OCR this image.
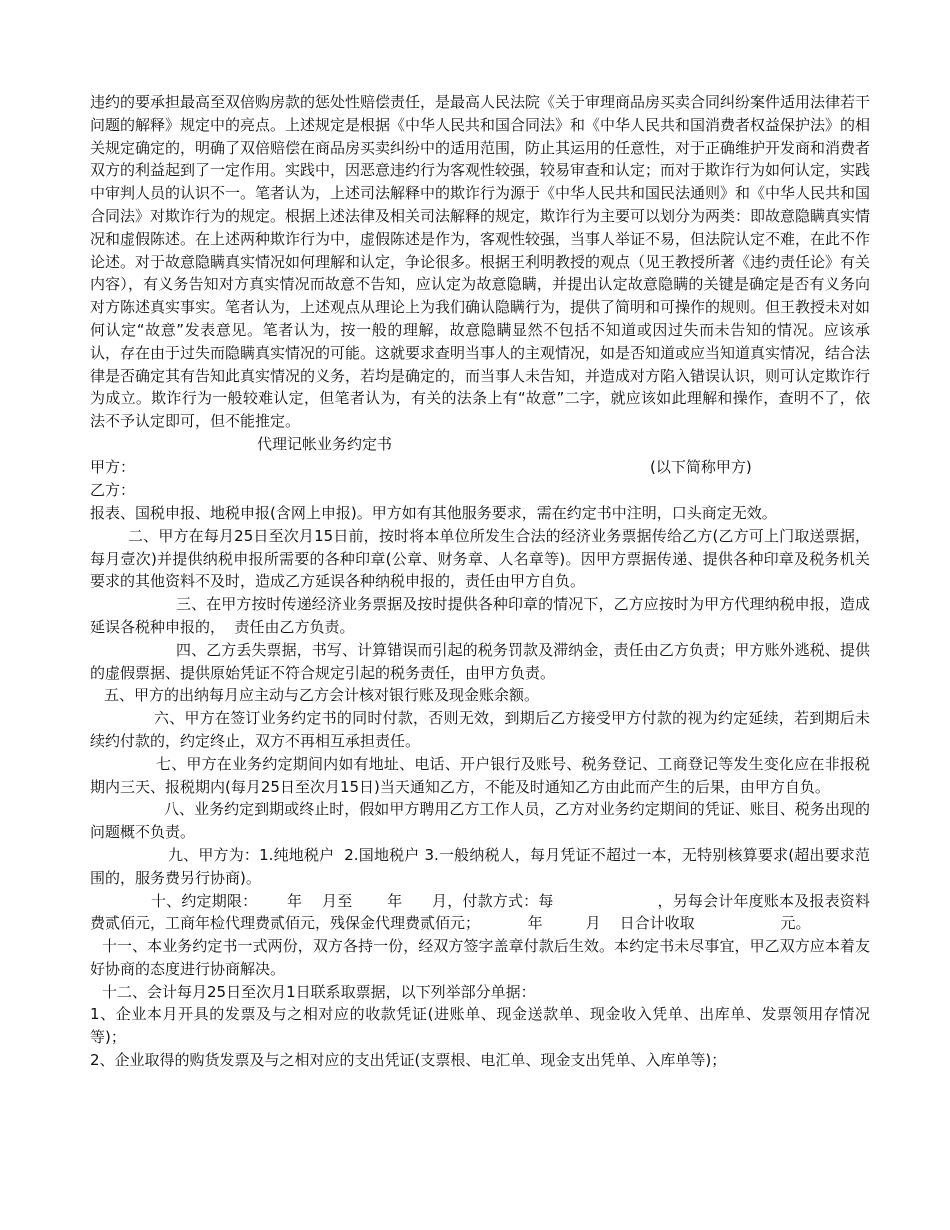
违约的要承担最高至双倍购房款的惩处性赔偿责任，是最高人民法院《关于审理商品房买卖合同纠纷案件适用法律若干问题的解释》规定中的亮点。上述规定是根据《中华人民共和国合同法》和《中华人民共和国消费者权益保护法》的相关规定确定的，明确了双倍赔偿在商品房买卖纠纷中的适用范围，防止其运用的任意性，对于正确维护开发商和消费者双方的利益起到了一定作用。实践中，因恶意违约行为客观性较强，较易审查和认定；而对于欺诈行为如何认定，实践中审判人员的认识不一。笔者认为，上述司法解释中的欺诈行为源于《中华人民共和国民法通则》和《中华人民共和国合同法》对欺诈行为的规定。根据上述法律及相关司法解释的规定，欺诈行为主要可以划分为两类：即故意隐瞒真实情况和虚假陈述。在上述两种欺诈行为中，虚假陈述是作为，客观性较强，当事人举证不易，但法院认定不难，在此不作论述。对于故意隐瞒真实情况如何理解和认定，争论很多。根据王利明教授的观点（见王教授所著《违约责任论》有关内容），有义务告知对方真实情况而故意不告知，应认定为故意隐瞒，并提出认定故意隐瞒的关键是确定是否有义务向对方陈述真实事实。笔者认为，上述观点从理论上为我们确认隐瞒行为，提供了简明和可操作的规则。但王教授未对如何认定“故意”发表意见。笔者认为，按一般的理解，故意隐瞒显然不包括不知道或因过失而未告知的情况。应该承认，存在由于过失而隐瞒真实情况的可能。这就要求查明当事人的主观情况，如是否知道或应当知道真实情况，结合法律是否确定其有告知此真实情况的义务，若均是确定的，而当事人未告知，并造成对方陷入错误认识，则可认定欺诈行为成立。欺诈行为一般较难认定，但笔者认为，有关的法条上有“故意”二字，就应该如此理解和操作，查明不了，依法不予认定即可，但不能推定。

代理记帐业务约定书

甲方：	(以下简称甲方)
乙方：

报表、国税申报、地税申报(含网上申报)。甲方如有其他服务要求，需在约定书中注明，口头商定无效。

二、甲方在每月25日至次月15日前，按时将本单位所发生合法的经济业务票据传给乙方(乙方可上门取送票据，每月壹次)并提供纳税申报所需要的各种印章(公章、财务章、人名章等)。因甲方票据传递、提供各种印章及税务机关要求的其他资料不及时，造成乙方延误各种纳税申报的，责任由甲方自负。

三、在甲方按时传递经济业务票据及按时提供各种印章的情况下，乙方应按时为甲方代理纳税申报，造成延误各税种申报的，  责任由乙方负责。

四、乙方丢失票据，书写、计算错误而引起的税务罚款及滞纳金，责任由乙方负责；甲方账外逃税、提供的虚假票据、提供原始凭证不符合规定引起的税务责任，由甲方负责。

五、甲方的出纳每月应主动与乙方会计核对银行账及现金账余额。

六、甲方在签订业务约定书的同时付款，否则无效，到期后乙方接受甲方付款的视为约定延续，若到期后未续约付款的，约定终止，双方不再相互承担责任。

七、甲方在业务约定期间内如有地址、电话、开户银行及账号、税务登记、工商登记等发生变化应在非报税期内三天、报税期内(每月25日至次月15日)当天通知乙方，不能及时通知乙方由此而产生的后果，由甲方自负。

八、业务约定到期或终止时，假如甲方聘用乙方工作人员，乙方对业务约定期间的凭证、账目、税务出现的问题概不负责。

九、甲方为：1.纯地税户  2.国地税户 3.一般纳税人，每月凭证不超过一本，无特别核算要求(超出要求范围的，服务费另行协商)。

十、约定期限：      年    月至       年      月，付款方式：每                     ，另每会计年度账本及报表资料费贰佰元，工商年检代理费贰佰元，残保金代理费贰佰元；          年         月    日合计收取                  元。

十一、本业务约定书一式两份，双方各持一份，经双方签字盖章付款后生效。本约定书未尽事宜，甲乙双方应本着友好协商的态度进行协商解决。

十二、会计每月25日至次月1日联系取票据，以下列举部分单据：

1、企业本月开具的发票及与之相对应的收款凭证(进账单、现金送款单、现金收入凭单、出库单、发票领用存情况等)；

2、企业取得的购货发票及与之相对应的支出凭证(支票根、电汇单、现金支出凭单、入库单等)；
